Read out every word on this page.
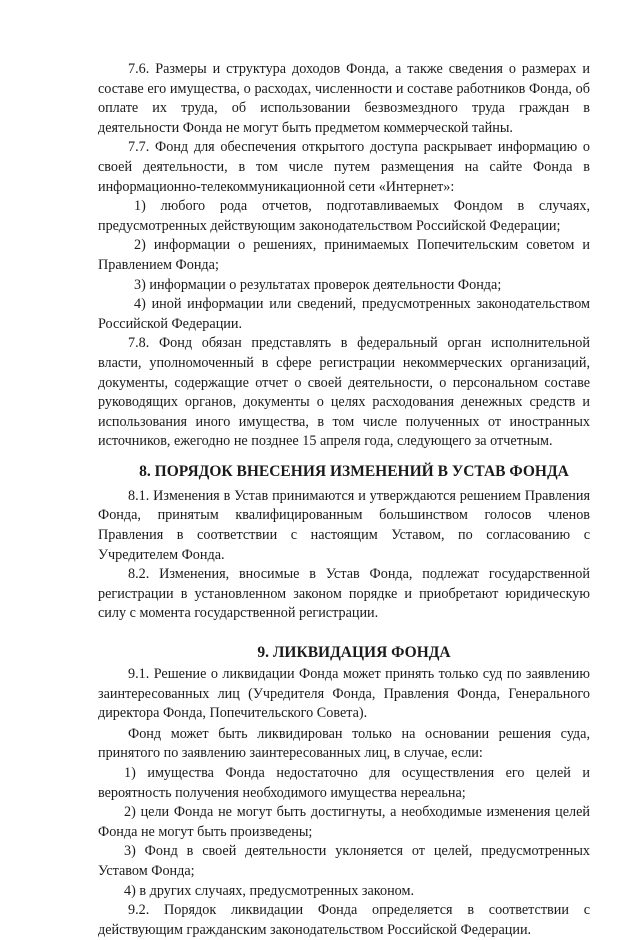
7.6. Размеры и структура доходов Фонда, а также сведения о размерах и составе его имущества, о расходах, численности и составе работников Фонда, об оплате их труда, об использовании безвозмездного труда граждан в деятельности Фонда не могут быть предметом коммерческой тайны.

7.7. Фонд для обеспечения открытого доступа раскрывает информацию о своей деятельности, в том числе путем размещения на сайте Фонда в информационно-телекоммуникационной сети «Интернет»:

1) любого рода отчетов, подготавливаемых Фондом в случаях, предусмотренных действующим законодательством Российской Федерации;

2) информации о решениях, принимаемых Попечительским советом и Правлением Фонда;

3) информации о результатах проверок деятельности Фонда;

4) иной информации или сведений, предусмотренных законодательством Российской Федерации.

7.8. Фонд обязан представлять в федеральный орган исполнительной власти, уполномоченный в сфере регистрации некоммерческих организаций, документы, содержащие отчет о своей деятельности, о персональном составе руководящих органов, документы о целях расходования денежных средств и использования иного имущества, в том числе полученных от иностранных источников, ежегодно не позднее 15 апреля года, следующего за отчетным.

8. ПОРЯДОК ВНЕСЕНИЯ ИЗМЕНЕНИЙ В УСТАВ ФОНДА

8.1. Изменения в Устав принимаются и утверждаются решением Правления Фонда, принятым квалифицированным большинством голосов членов Правления в соответствии с настоящим Уставом, по согласованию с Учредителем Фонда.

8.2. Изменения, вносимые в Устав Фонда, подлежат государственной регистрации в установленном законом порядке и приобретают юридическую силу с момента государственной регистрации.

9. ЛИКВИДАЦИЯ ФОНДА

9.1. Решение о ликвидации Фонда может принять только суд по заявлению заинтересованных лиц (Учредителя Фонда, Правления Фонда, Генерального директора Фонда, Попечительского Совета).

Фонд может быть ликвидирован только на основании решения суда, принятого по заявлению заинтересованных лиц, в случае, если:

1) имущества Фонда недостаточно для осуществления его целей и вероятность получения необходимого имущества нереальна;

2) цели Фонда не могут быть достигнуты, а необходимые изменения целей Фонда не могут быть произведены;

3) Фонд в своей деятельности уклоняется от целей, предусмотренных Уставом Фонда;

4) в других случаях, предусмотренных законом.

9.2. Порядок ликвидации Фонда определяется в соответствии с действующим гражданским законодательством Российской Федерации.
